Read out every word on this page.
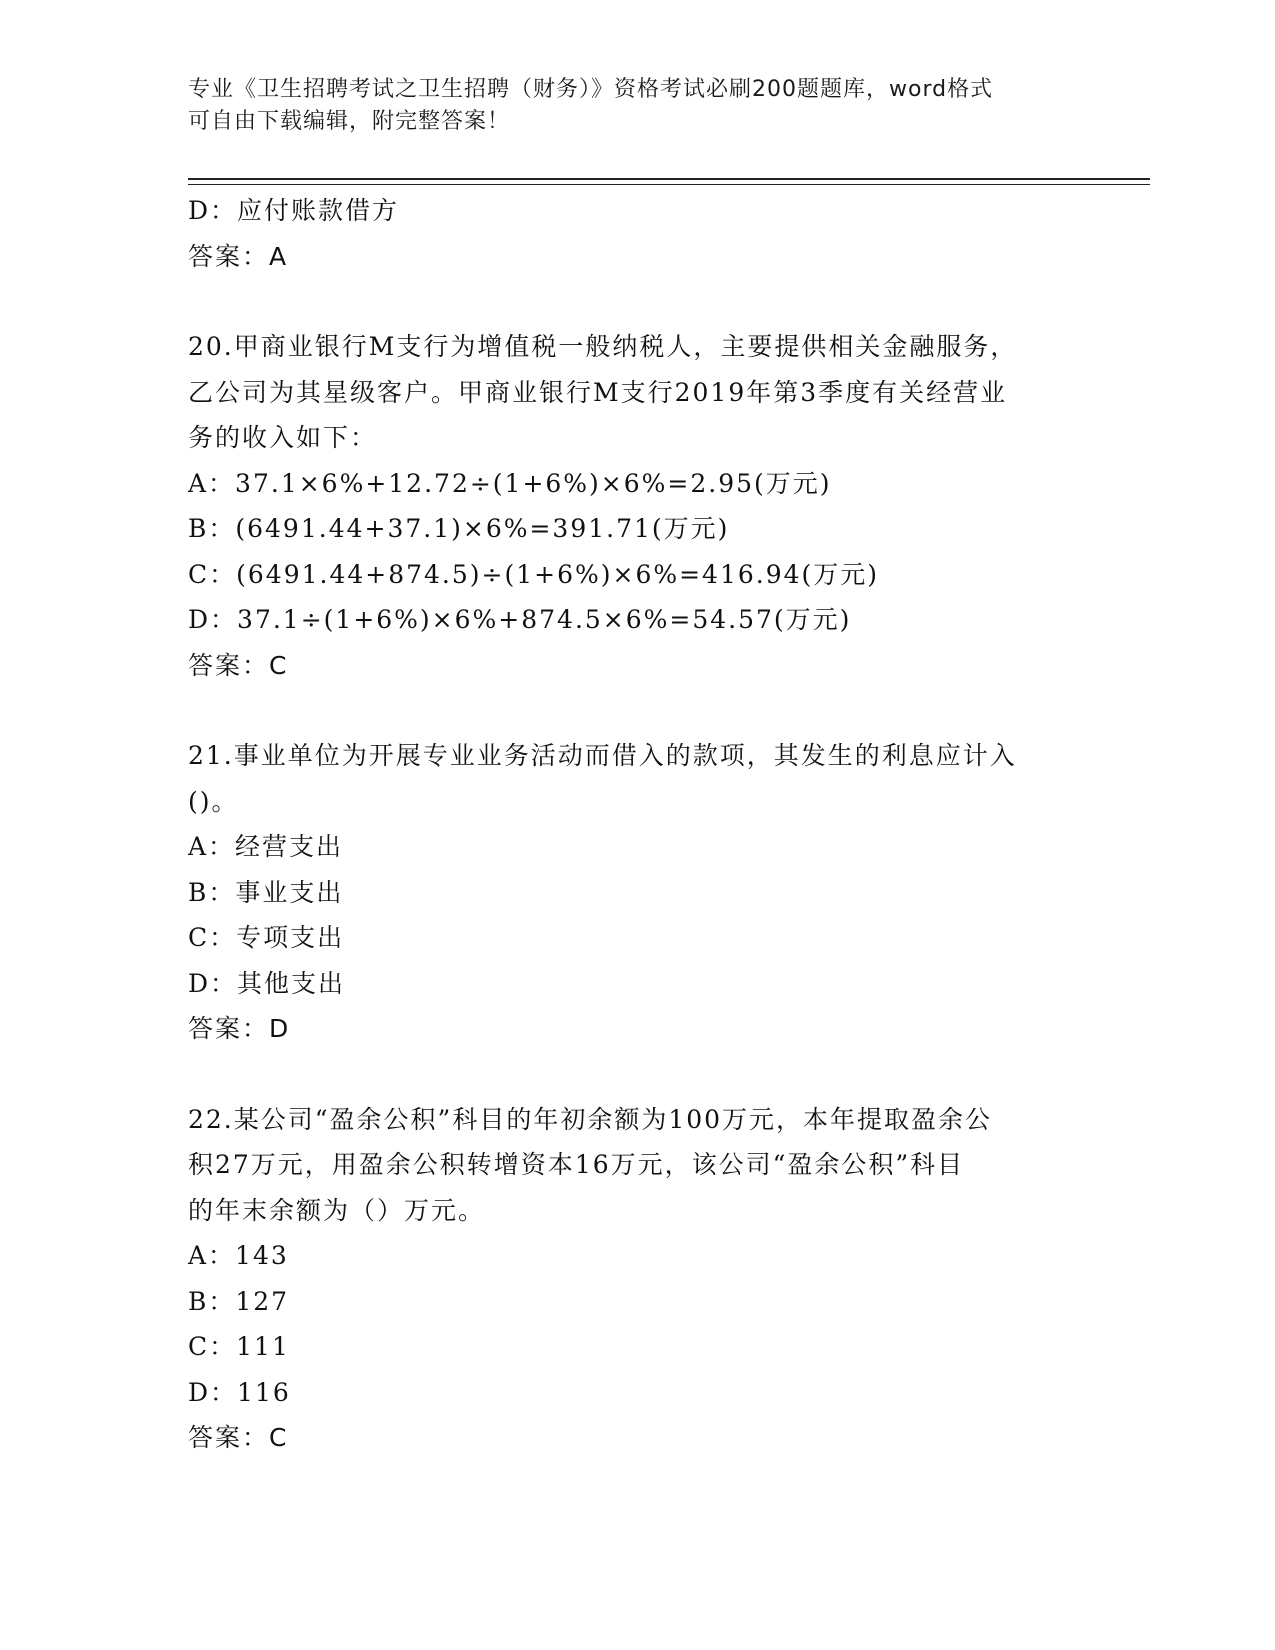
专业《卫生招聘考试之卫生招聘（财务）》资格考试必刷200题题库，word格式
可自由下载编辑，附完整答案！

D：应付账款借方

答案：A

20.甲商业银行M支行为增值税一般纳税人，主要提供相关金融服务，

乙公司为其星级客户。甲商业银行M支行2019年第3季度有关经营业

务的收入如下：

A：37.1×6%+12.72÷(1+6%)×6%=2.95(万元)

B：(6491.44+37.1)×6%=391.71(万元)

C：(6491.44+874.5)÷(1+6%)×6%=416.94(万元)

D：37.1÷(1+6%)×6%+874.5×6%=54.57(万元)

答案：C

21.事业单位为开展专业业务活动而借入的款项，其发生的利息应计入

()。

A：经营支出

B：事业支出

C：专项支出

D：其他支出

答案：D

22.某公司“盈余公积”科目的年初余额为100万元，本年提取盈余公

积27万元，用盈余公积转增资本16万元，该公司“盈余公积”科目

的年末余额为（）万元。

A：143

B：127

C：111

D：116

答案：C
